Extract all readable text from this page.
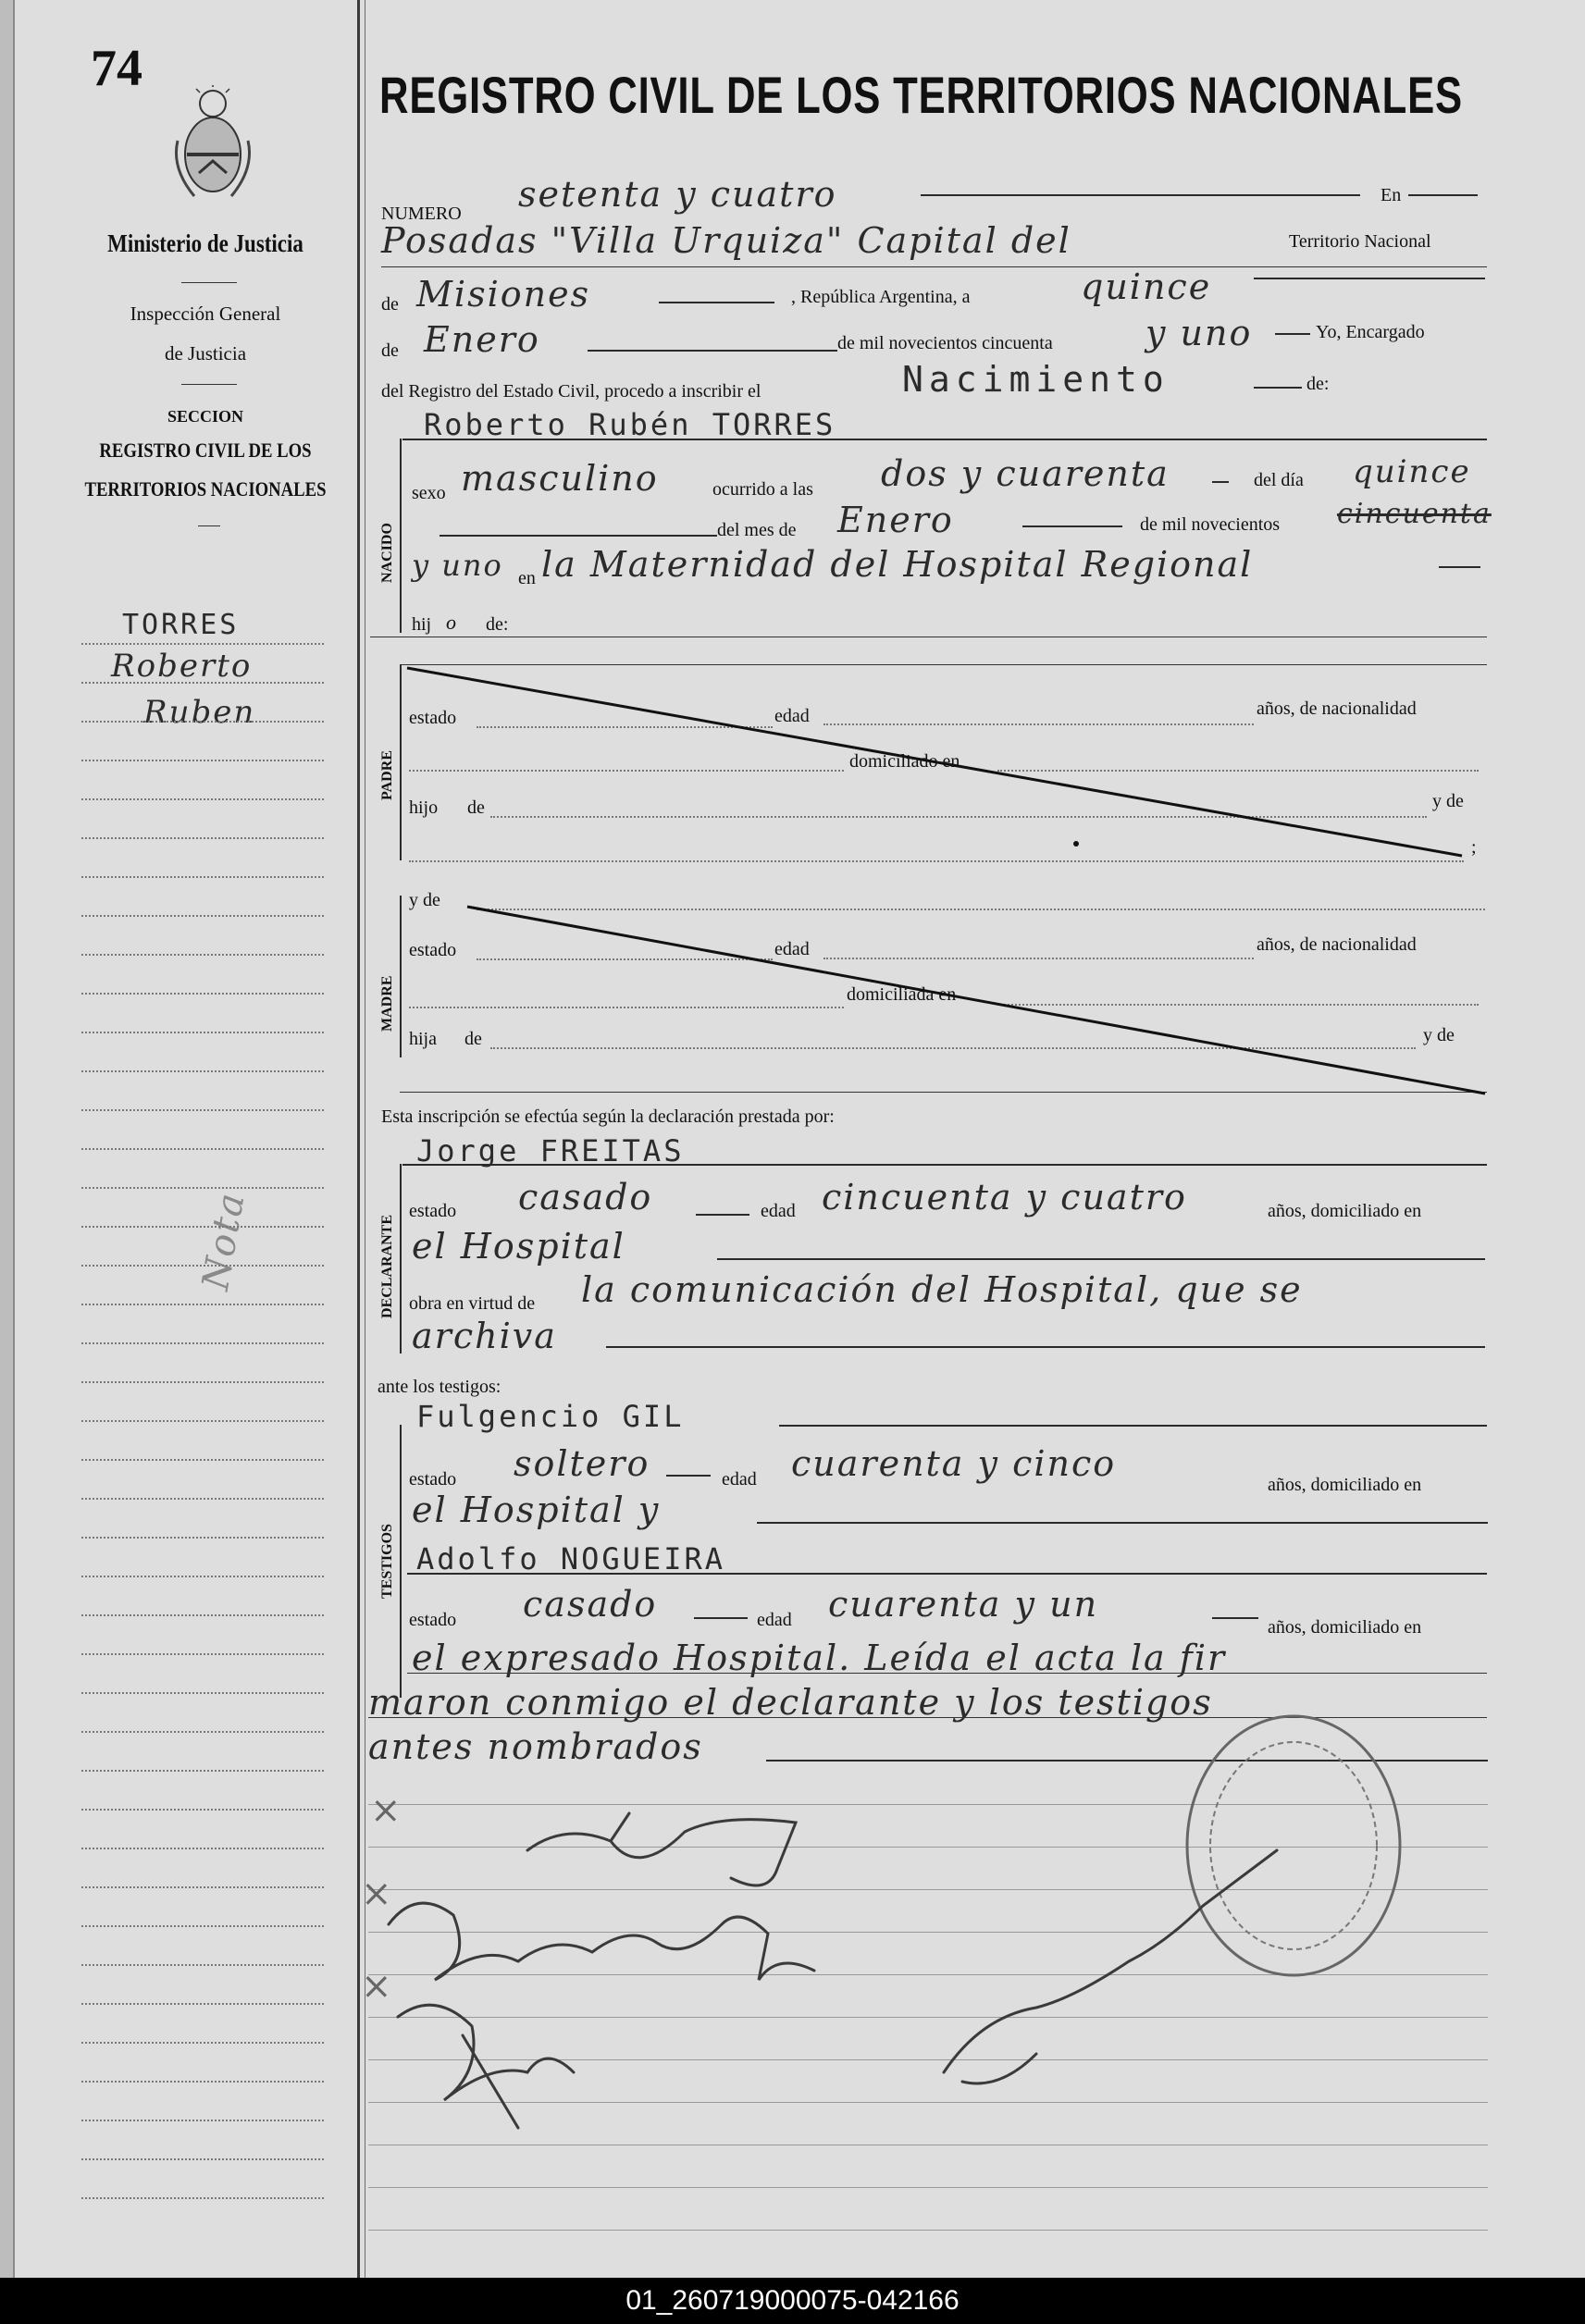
74
Ministerio de Justicia
Inspección General
de Justicia
SECCION
REGISTRO CIVIL DE LOS
TERRITORIOS NACIONALES
TORRES
Roberto
Ruben
Nota
REGISTRO CIVIL DE LOS TERRITORIOS NACIONALES
NUMERO setenta y cuatro	En
Posadas "Villa Urquiza" Capital del	Territorio Nacional
de Misiones	, República Argentina, a	quince
de Enero	de mil novecientos cincuenta	y uno	Yo, Encargado
del Registro del Estado Civil, procedo a inscribir el	Nacimiento	de:
Roberto Rubén TORRES
NACIDO
sexo masculino	ocurrido a las dos y cuarenta	del día quince
del mes de Enero	de mil novecientos cincuenta
y uno en la Maternidad del Hospital Regional
hij o de:
PADRE
estado	edad	años, de nacionalidad
domiciliado en
hijo de	y de
;
MADRE
y de
estado	edad	años, de nacionalidad
domiciliada en
hija de	y de
Esta inscripción se efectúa según la declaración prestada por:
Jorge FREITAS
DECLARANTE
estado casado	edad cincuenta y cuatro	años, domiciliado en
el Hospital
obra en virtud de la comunicación del Hospital, que se
archiva
ante los testigos:
Fulgencio GIL
TESTIGOS
estado soltero	edad cuarenta y cinco
años, domiciliado en
el Hospital y
Adolfo NOGUEIRA
estado casado	edad cuarenta y un
años, domiciliado en
el expresado Hospital. Leída el acta la fir
maron conmigo el declarante y los testigos
antes nombrados
×
×
×
01_260719000075-042166
